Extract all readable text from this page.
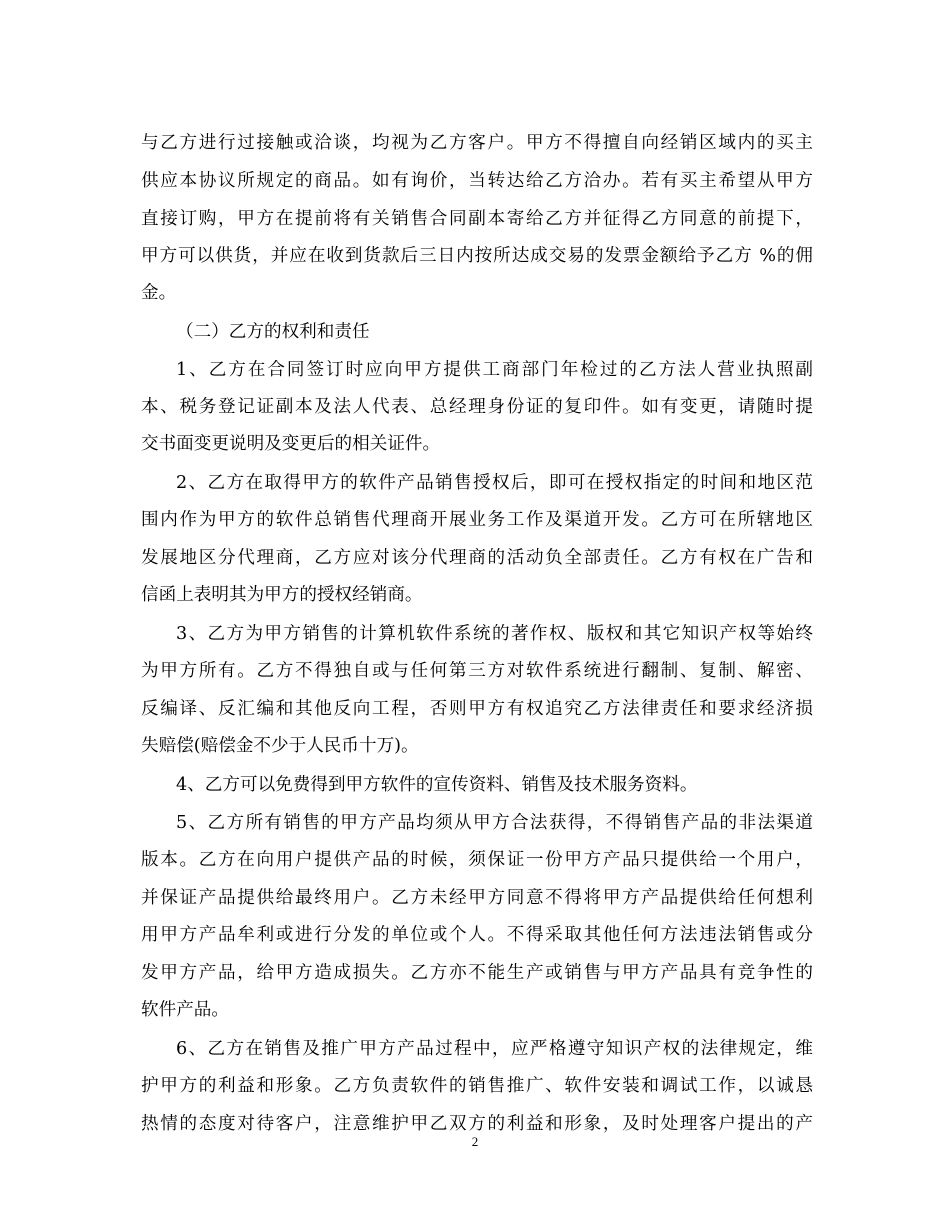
与乙方进行过接触或洽谈，均视为乙方客户。甲方不得擅自向经销区域内的买主
供应本协议所规定的商品。如有询价，当转达给乙方洽办。若有买主希望从甲方
直接订购，甲方在提前将有关销售合同副本寄给乙方并征得乙方同意的前提下，
甲方可以供货，并应在收到货款后三日内按所达成交易的发票金额给予乙方 %的佣
金。
（二）乙方的权利和责任
1、乙方在合同签订时应向甲方提供工商部门年检过的乙方法人营业执照副
本、税务登记证副本及法人代表、总经理身份证的复印件。如有变更，请随时提
交书面变更说明及变更后的相关证件。
2、乙方在取得甲方的软件产品销售授权后，即可在授权指定的时间和地区范
围内作为甲方的软件总销售代理商开展业务工作及渠道开发。乙方可在所辖地区
发展地区分代理商，乙方应对该分代理商的活动负全部责任。乙方有权在广告和
信函上表明其为甲方的授权经销商。
3、乙方为甲方销售的计算机软件系统的著作权、版权和其它知识产权等始终
为甲方所有。乙方不得独自或与任何第三方对软件系统进行翻制、复制、解密、
反编译、反汇编和其他反向工程，否则甲方有权追究乙方法律责任和要求经济损
失赔偿(赔偿金不少于人民币十万)。
4、乙方可以免费得到甲方软件的宣传资料、销售及技术服务资料。
5、乙方所有销售的甲方产品均须从甲方合法获得，不得销售产品的非法渠道
版本。乙方在向用户提供产品的时候，须保证一份甲方产品只提供给一个用户，
并保证产品提供给最终用户。乙方未经甲方同意不得将甲方产品提供给任何想利
用甲方产品牟利或进行分发的单位或个人。不得采取其他任何方法违法销售或分
发甲方产品，给甲方造成损失。乙方亦不能生产或销售与甲方产品具有竞争性的
软件产品。
6、乙方在销售及推广甲方产品过程中，应严格遵守知识产权的法律规定，维
护甲方的利益和形象。乙方负责软件的销售推广、软件安装和调试工作，以诚恳
热情的态度对待客户，注意维护甲乙双方的利益和形象，及时处理客户提出的产
2
